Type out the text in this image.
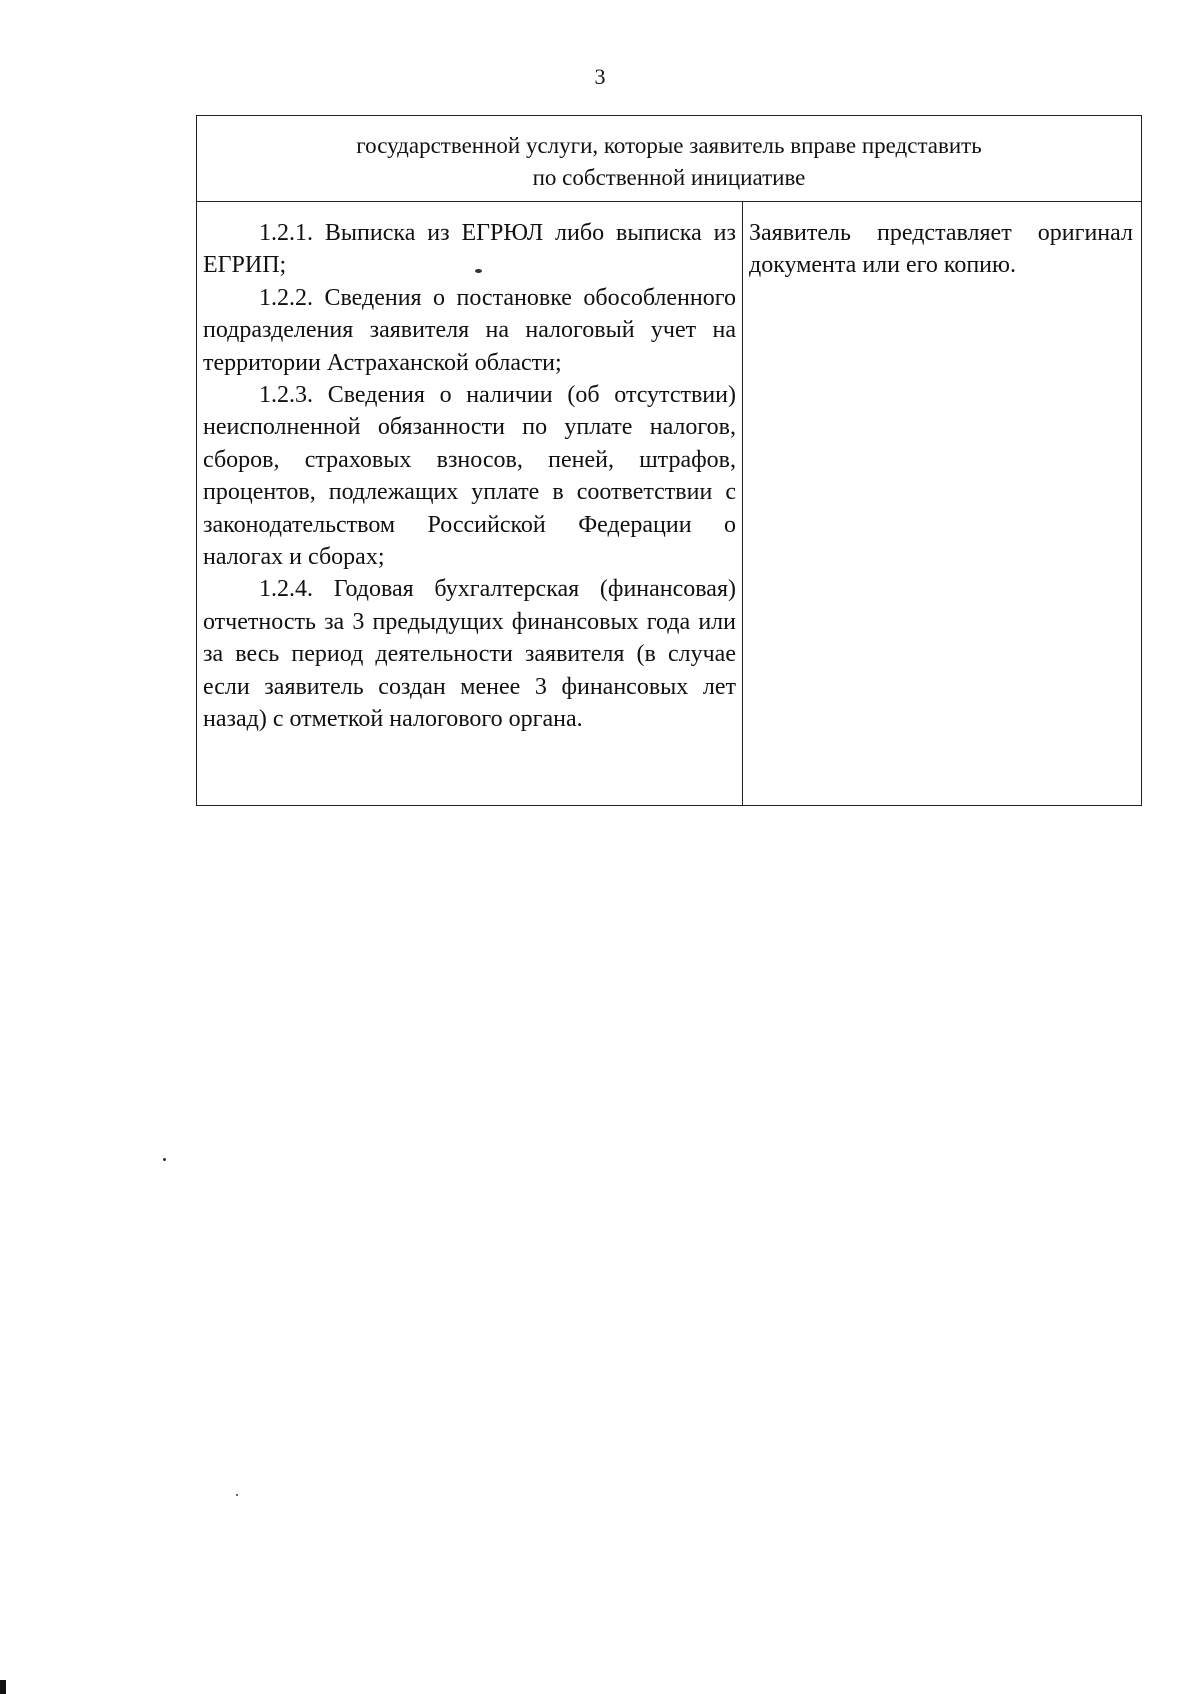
3
государственной услуги, которые заявитель вправе представить
по собственной инициативе

1.2.1. Выписка из ЕГРЮЛ либо выписка из ЕГРИП;

1.2.2. Сведения о постановке обособленного подразделения заявителя на налоговый учет на территории Астраханской области;

1.2.3. Сведения о наличии (об отсутствии) неисполненной обязанности по уплате налогов, сборов, страховых взносов, пеней, штрафов, процентов, подлежащих уплате в соответствии с законодательством Российской Федерации о налогах и сборах;

1.2.4. Годовая бухгалтерская (финансовая) отчетность за 3 предыдущих финансовых года или за весь период деятельности заявителя (в случае если заявитель создан менее 3 финансовых лет назад) с отметкой налогового органа.

Заявитель представляет оригинал документа или его копию.
